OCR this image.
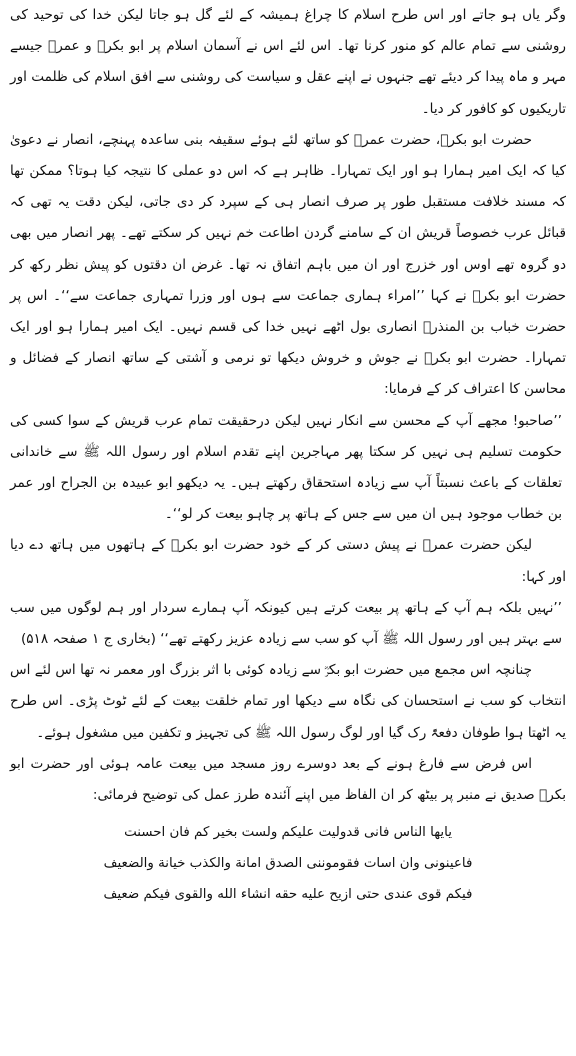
وگر یاں ہو جاتے اور اس طرح اسلام کا چراغ ہمیشہ کے لئے گل ہو جاتا لیکن خدا کی توحید کی روشنی سے تمام عالم کو منور کرنا تھا۔ اس لئے اس نے آسمان اسلام پر ابو بکرؓ و عمرؓ جیسے مہر و ماہ پیدا کر دیئے تھے جنہوں نے اپنے عقل و سیاست کی روشنی سے افق اسلام کی ظلمت اور تاریکیوں کو کافور کر دیا۔

حضرت ابو بکرؓ، حضرت عمرؓ کو ساتھ لئے ہوئے سقیفہ بنی ساعدہ پہنچے، انصار نے دعویٰ کیا کہ ایک امیر ہمارا ہو اور ایک تمہارا۔ ظاہر ہے کہ اس دو عملی کا نتیجہ کیا ہوتا؟ ممکن تھا کہ مسند خلافت مستقبل طور پر صرف انصار ہی کے سپرد کر دی جاتی، لیکن دقت یہ تھی کہ قبائل عرب خصوصاً قریش ان کے سامنے گردن اطاعت خم نہیں کر سکتے تھے۔ پھر انصار میں بھی دو گروہ تھے اوس اور خزرج اور ان میں باہم اتفاق نہ تھا۔ غرض ان دقتوں کو پیش نظر رکھ کر حضرت ابو بکرؓ نے کہا ’’امراء ہماری جماعت سے ہوں اور وزرا تمہاری جماعت سے‘‘۔ اس پر حضرت خباب بن المنذرؓ انصاری بول اٹھے نہیں خدا کی قسم نہیں۔ ایک امیر ہمارا ہو اور ایک تمہارا۔ حضرت ابو بکرؓ نے جوش و خروش دیکھا تو نرمی و آشتی کے ساتھ انصار کے فضائل و محاسن کا اعتراف کر کے فرمایا:

’’صاحبو! مجھے آپ کے محسن سے انکار نہیں لیکن درحقیقت تمام عرب قریش کے سوا کسی کی حکومت تسلیم ہی نہیں کر سکتا پھر مہاجرین اپنے تقدم اسلام اور رسول اللہ ﷺ سے خاندانی تعلقات کے باعث نسبتاً آپ سے زیادہ استحقاق رکھتے ہیں۔ یہ دیکھو ابو عبیدہ بن الجراح اور عمر بن خطاب موجود ہیں ان میں سے جس کے ہاتھ پر چاہو بیعت کر لو‘‘۔

لیکن حضرت عمرؓ نے پیش دستی کر کے خود حضرت ابو بکرؓ کے ہاتھوں میں ہاتھ دے دیا اور کہا:

’’نہیں بلکہ ہم آپ کے ہاتھ پر بیعت کرتے ہیں کیونکہ آپ ہمارے سردار اور ہم لوگوں میں سب سے بہتر ہیں اور رسول اللہ ﷺ آپ کو سب سے زیادہ عزیز رکھتے تھے‘‘ (بخاری ج ۱ صفحہ ۵۱۸)

چنانچہ اس مجمع میں حضرت ابو بکرؓ سے زیادہ کوئی با اثر بزرگ اور معمر نہ تھا اس لئے اس انتخاب کو سب نے استحسان کی نگاہ سے دیکھا اور تمام خلقت بیعت کے لئے ٹوٹ پڑی۔ اس طرح یہ اٹھتا ہوا طوفان دفعۃً رک گیا اور لوگ رسول اللہ ﷺ کی تجہیز و تکفین میں مشغول ہوئے۔

اس فرض سے فارغ ہونے کے بعد دوسرے روز مسجد میں بیعت عامہ ہوئی اور حضرت ابو بکرؓ صدیق نے منبر پر بیٹھ کر ان الفاظ میں اپنے آئندہ طرز عمل کی توضیح فرمائی:

یایھا الناس فانی قدولیت علیکم ولست بخیر کم فان احسنت
فاعینونی وان اسات فقوموننی الصدق امانة والکذب خیانة والضعیف
فیکم قوی عندی حتی ازیح علیه حقه انشاء الله والقوی فیکم ضعیف
